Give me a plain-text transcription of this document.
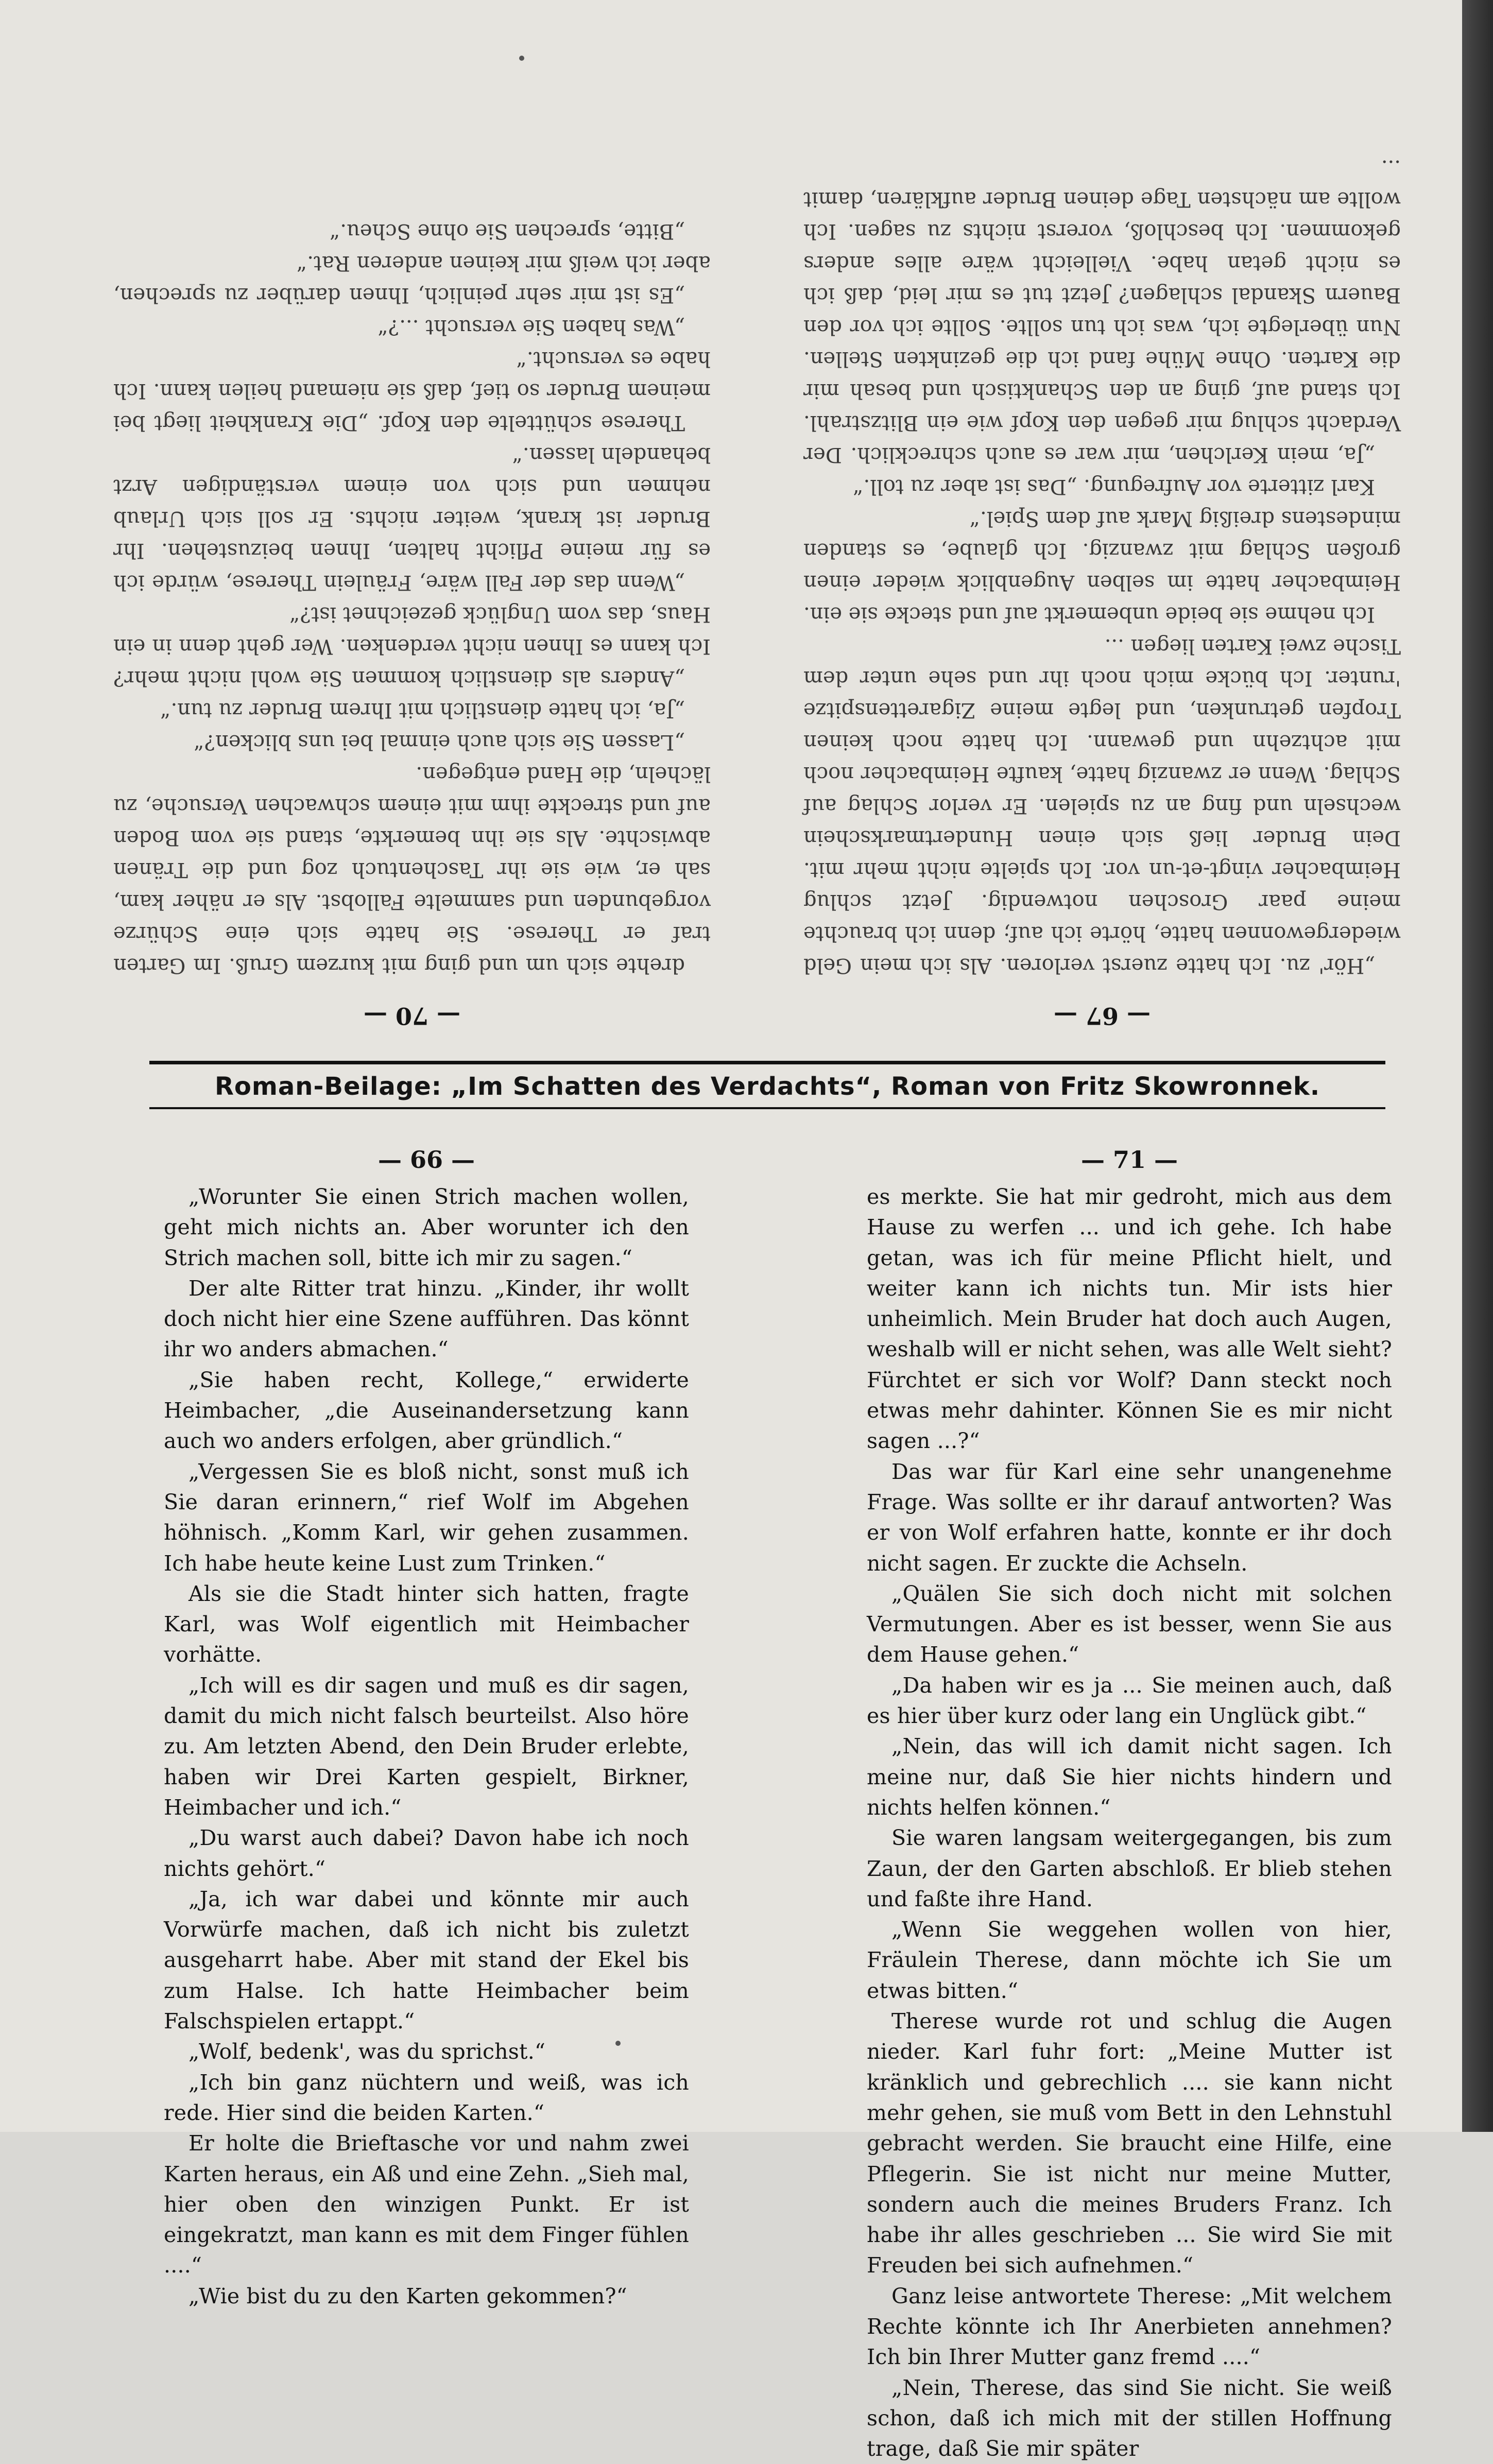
— 67 —

„Hör' zu. Ich hatte zuerst verloren. Als ich mein Geld wiedergewonnen hatte, hörte ich auf; denn ich brauchte meine paar Groschen notwendig. Jetzt schlug Heimbacher vingt-et-un vor. Ich spielte nicht mehr mit. Dein Bruder ließ sich einen Hundertmarkschein wechseln und fing an zu spielen. Er verlor Schlag auf Schlag. Wenn er zwanzig hatte, kaufte Heimbacher noch mit achtzehn und gewann. Ich hatte noch keinen Tropfen getrunken, und legte meine Zigarettenspitze 'runter. Ich bücke mich noch ihr und sehe unter dem Tische zwei Karten liegen ...

Ich nehme sie beide unbemerkt auf und stecke sie ein. Heimbacher hatte im selben Augenblick wieder einen großen Schlag mit zwanzig. Ich glaube, es standen mindestens dreißig Mark auf dem Spiel.“

Karl zitterte vor Aufregung. „Das ist aber zu toll.“

„Ja, mein Kerlchen, mir war es auch schrecklich. Der Verdacht schlug mir gegen den Kopf wie ein Blitzstrahl. Ich stand auf, ging an den Schanktisch und besah mir die Karten. Ohne Mühe fand ich die gezinkten Stellen. Nun überlegte ich, was ich tun sollte. Sollte ich vor den Bauern Skandal schlagen? Jetzt tut es mir leid, daß ich es nicht getan habe. Vielleicht wäre alles anders gekommen. Ich beschloß, vorerst nichts zu sagen. Ich wollte am nächsten Tage deinen Bruder aufklären, damit ...

— 70 —

drehte sich um und ging mit kurzem Gruß. Im Garten traf er Therese. Sie hatte sich eine Schürze vorgebunden und sammelte Fallobst. Als er näher kam, sah er, wie sie ihr Taschentuch zog und die Tränen abwischte. Als sie ihn bemerkte, stand sie vom Boden auf und streckte ihm mit einem schwachen Versuche, zu lächeln, die Hand entgegen.

„Lassen Sie sich auch einmal bei uns blicken?“

„Ja, ich hatte dienstlich mit Ihrem Bruder zu tun.“

„Anders als dienstlich kommen Sie wohl nicht mehr? Ich kann es Ihnen nicht verdenken. Wer geht denn in ein Haus, das vom Unglück gezeichnet ist?“

„Wenn das der Fall wäre, Fräulein Therese, würde ich es für meine Pflicht halten, Ihnen beizustehen. Ihr Bruder ist krank, weiter nichts. Er soll sich Urlaub nehmen und sich von einem verständigen Arzt behandeln lassen.“

Therese schüttelte den Kopf. „Die Krankheit liegt bei meinem Bruder so tief, daß sie niemand heilen kann. Ich habe es versucht.“

„Was haben Sie versucht ...?“

„Es ist mir sehr peinlich, Ihnen darüber zu sprechen, aber ich weiß mir keinen anderen Rat.“

„Bitte, sprechen Sie ohne Scheu.“

Roman-Beilage: „Im Schatten des Verdachts“, Roman von Fritz Skowronnek.
— 66 —

„Worunter Sie einen Strich machen wollen, geht mich nichts an. Aber worunter ich den Strich machen soll, bitte ich mir zu sagen.“

Der alte Ritter trat hinzu. „Kinder, ihr wollt doch nicht hier eine Szene aufführen. Das könnt ihr wo anders abmachen.“

„Sie haben recht, Kollege,“ erwiderte Heimbacher, „die Auseinandersetzung kann auch wo anders erfolgen, aber gründlich.“

„Vergessen Sie es bloß nicht, sonst muß ich Sie daran erinnern,“ rief Wolf im Abgehen höhnisch. „Komm Karl, wir gehen zusammen. Ich habe heute keine Lust zum Trinken.“

Als sie die Stadt hinter sich hatten, fragte Karl, was Wolf eigentlich mit Heimbacher vorhätte.

„Ich will es dir sagen und muß es dir sagen, damit du mich nicht falsch beurteilst. Also höre zu. Am letzten Abend, den Dein Bruder erlebte, haben wir Drei Karten gespielt, Birkner, Heimbacher und ich.“

„Du warst auch dabei? Davon habe ich noch nichts gehört.“

„Ja, ich war dabei und könnte mir auch Vorwürfe machen, daß ich nicht bis zuletzt ausgeharrt habe. Aber mit stand der Ekel bis zum Halse. Ich hatte Heimbacher beim Falschspielen ertappt.“

„Wolf, bedenk', was du sprichst.“

„Ich bin ganz nüchtern und weiß, was ich rede. Hier sind die beiden Karten.“

Er holte die Brieftasche vor und nahm zwei Karten heraus, ein Aß und eine Zehn. „Sieh mal, hier oben den winzigen Punkt. Er ist eingekratzt, man kann es mit dem Finger fühlen ....“

„Wie bist du zu den Karten gekommen?“

— 71 —

es merkte. Sie hat mir gedroht, mich aus dem Hause zu werfen ... und ich gehe. Ich habe getan, was ich für meine Pflicht hielt, und weiter kann ich nichts tun. Mir ists hier unheimlich. Mein Bruder hat doch auch Augen, weshalb will er nicht sehen, was alle Welt sieht? Fürchtet er sich vor Wolf? Dann steckt noch etwas mehr dahinter. Können Sie es mir nicht sagen ...?“

Das war für Karl eine sehr unangenehme Frage. Was sollte er ihr darauf antworten? Was er von Wolf erfahren hatte, konnte er ihr doch nicht sagen. Er zuckte die Achseln.

„Quälen Sie sich doch nicht mit solchen Vermutungen. Aber es ist besser, wenn Sie aus dem Hause gehen.“

„Da haben wir es ja ... Sie meinen auch, daß es hier über kurz oder lang ein Unglück gibt.“

„Nein, das will ich damit nicht sagen. Ich meine nur, daß Sie hier nichts hindern und nichts helfen können.“

Sie waren langsam weitergegangen, bis zum Zaun, der den Garten abschloß. Er blieb stehen und faßte ihre Hand.

„Wenn Sie weggehen wollen von hier, Fräulein Therese, dann möchte ich Sie um etwas bitten.“

Therese wurde rot und schlug die Augen nieder. Karl fuhr fort: „Meine Mutter ist kränklich und gebrechlich .... sie kann nicht mehr gehen, sie muß vom Bett in den Lehnstuhl gebracht werden. Sie braucht eine Hilfe, eine Pflegerin. Sie ist nicht nur meine Mutter, sondern auch die meines Bruders Franz. Ich habe ihr alles geschrieben ... Sie wird Sie mit Freuden bei sich aufnehmen.“

Ganz leise antwortete Therese: „Mit welchem Rechte könnte ich Ihr Anerbieten annehmen? Ich bin Ihrer Mutter ganz fremd ....“

„Nein, Therese, das sind Sie nicht. Sie weiß schon, daß ich mich mit der stillen Hoffnung trage, daß Sie mir später
